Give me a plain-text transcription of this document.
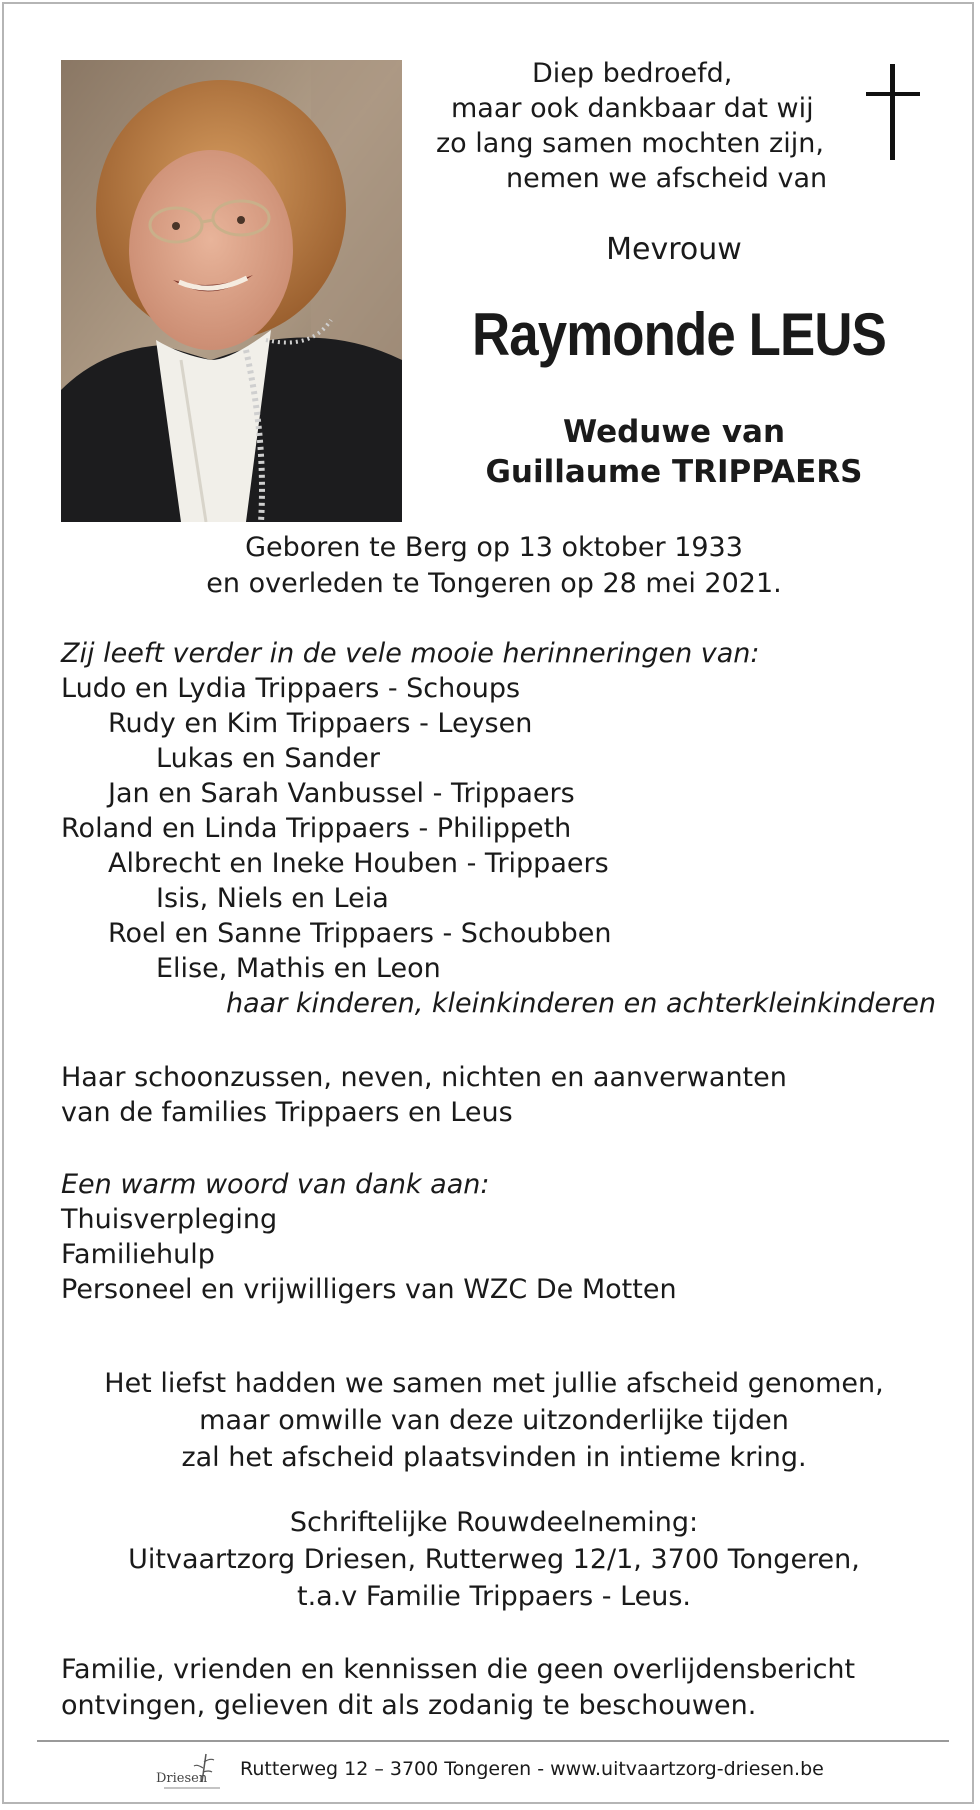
Diep bedroefd,
maar ook dankbaar dat wij
zo lang samen mochten zijn,
nemen we afscheid van
Mevrouw
Raymonde LEUS
Weduwe van
Guillaume TRIPPAERS
Geboren te Berg op 13 oktober 1933
en overleden te Tongeren op 28 mei 2021.
Zij leeft verder in de vele mooie herinneringen van:
Ludo en Lydia Trippaers - Schoups
Rudy en Kim Trippaers - Leysen
Lukas en Sander
Jan en Sarah Vanbussel - Trippaers
Roland en Linda Trippaers - Philippeth
Albrecht en Ineke Houben - Trippaers
Isis, Niels en Leia
Roel en Sanne Trippaers - Schoubben
Elise, Mathis en Leon
haar kinderen, kleinkinderen en achterkleinkinderen
Haar schoonzussen, neven, nichten en aanverwanten
van de families Trippaers en Leus
Een warm woord van dank aan:
Thuisverpleging
Familiehulp
Personeel en vrijwilligers van WZC De Motten
Het liefst hadden we samen met jullie afscheid genomen,
maar omwille van deze uitzonderlijke tijden
zal het afscheid plaatsvinden in intieme kring.
Schriftelijke Rouwdeelneming:
Uitvaartzorg Driesen, Rutterweg 12/1, 3700 Tongeren,
t.a.v Familie Trippaers - Leus.
Familie, vrienden en kennissen die geen overlijdensbericht
ontvingen, gelieven dit als zodanig te beschouwen.
Driesen Rutterweg 12 – 3700 Tongeren - www.uitvaartzorg-driesen.be
